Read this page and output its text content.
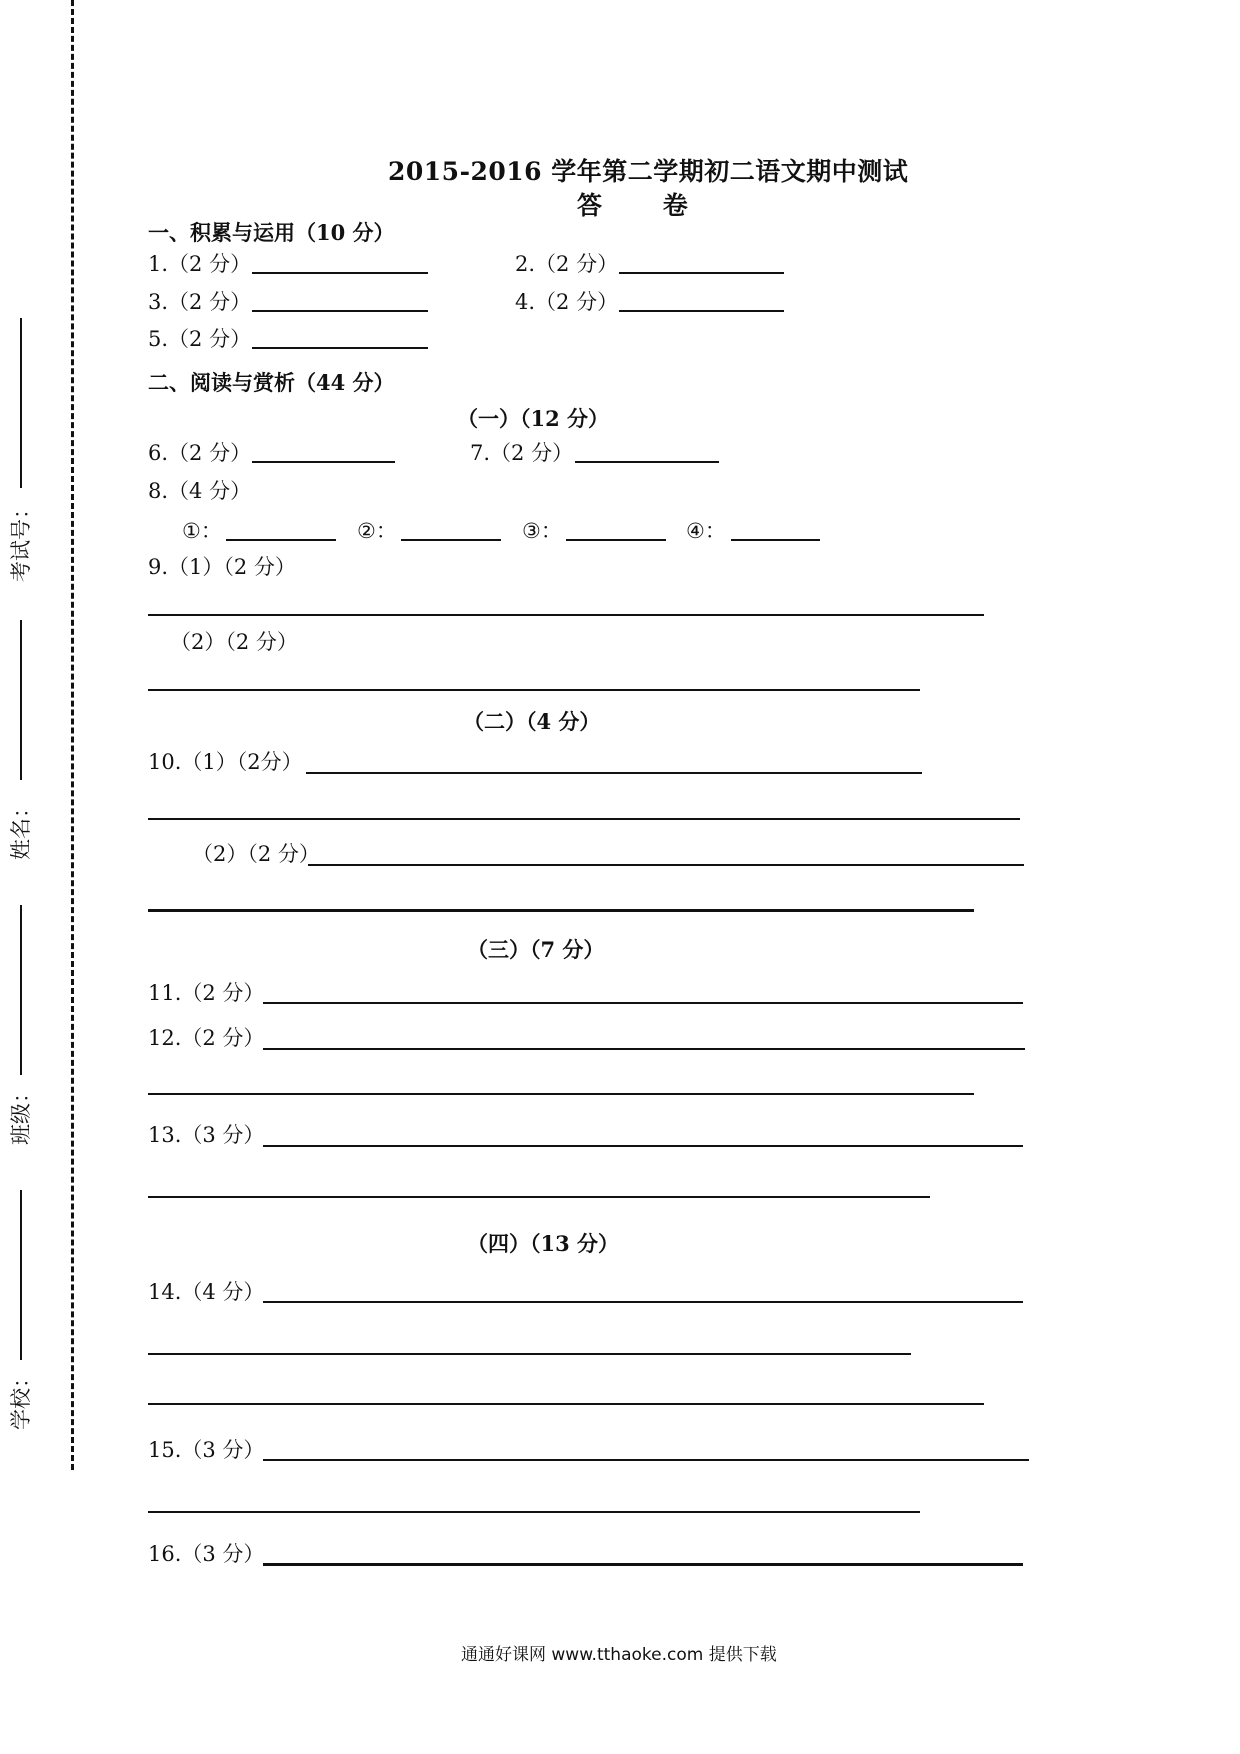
考试号：
姓名：
班级：
学校：
2015-2016 学年第二学期初二语文期中测试
答 卷
一、积累与运用（10 分）
1.（2 分）	2.（2 分）
3.（2 分）	4.（2 分）
5.（2 分）
二、阅读与赏析（44 分）
（一）（12 分）
6.（2 分）	7.（2 分）
8.（4 分）
①：	②：	③：	④：
9.（1）（2 分）
（2）（2 分）
（二）（4 分）
10.（1）（2分）
（2）（2 分）
（三）（7 分）
11.（2 分）
12.（2 分）
13.（3 分）
（四）（13 分）
14.（4 分）
15.（3 分）
16.（3 分）
通通好课网 www.tthaoke.com 提供下载
